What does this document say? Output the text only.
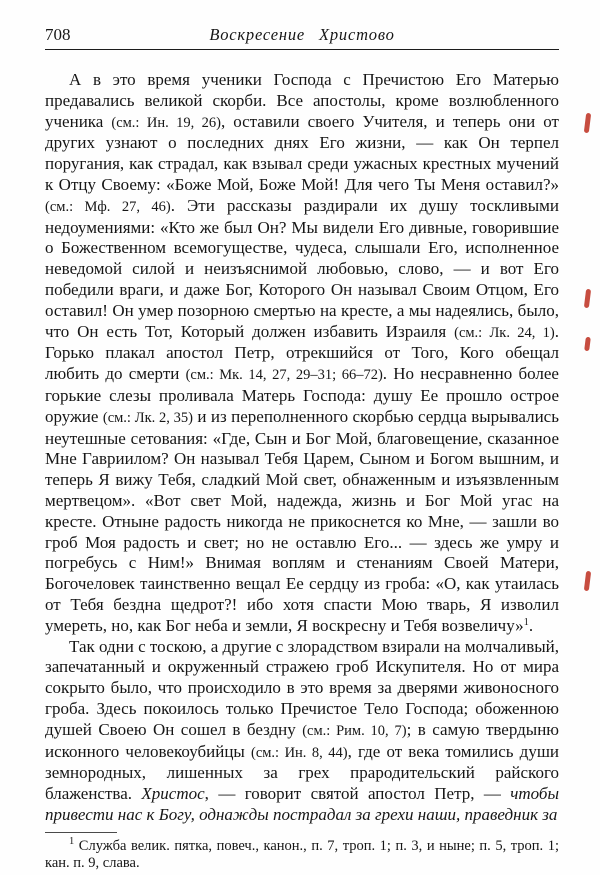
708	Воскресение Христово

А в это время ученики Господа с Пречистою Его Матерью предавались великой скорби. Все апостолы, кроме возлюбленного ученика (см.: Ин. 19, 26), оставили своего Учителя, и теперь они от других узнают о последних днях Его жизни, — как Он терпел поругания, как страдал, как взывал среди ужасных крестных мучений к Отцу Своему: «Боже Мой, Боже Мой! Для чего Ты Меня оставил?» (см.: Мф. 27, 46). Эти рассказы раздирали их душу тоскливыми недоумениями: «Кто же был Он? Мы видели Его дивные, говорившие о Божественном всемогуществе, чудеса, слышали Его, исполненное неведомой силой и неизъяснимой любовью, слово, — и вот Его победили враги, и даже Бог, Которого Он называл Своим Отцом, Его оставил! Он умер позорною смертью на кресте, а мы надеялись, было, что Он есть Тот, Который должен избавить Израиля (см.: Лк. 24, 1). Горько плакал апостол Петр, отрекшийся от Того, Кого обещал любить до смерти (см.: Мк. 14, 27, 29–31; 66–72). Но несравненно более горькие слезы проливала Матерь Господа: душу Ее прошло острое оружие (см.: Лк. 2, 35) и из переполненного скорбью сердца вырывались неутешные сетования: «Где, Сын и Бог Мой, благовещение, сказанное Мне Гавриилом? Он называл Тебя Царем, Сыном и Богом вышним, и теперь Я вижу Тебя, сладкий Мой свет, обнаженным и изъязвленным мертвецом». «Вот свет Мой, надежда, жизнь и Бог Мой угас на кресте. Отныне радость никогда не прикоснется ко Мне, — зашли во гроб Моя радость и свет; но не оставлю Его... — здесь же умру и погребусь с Ним!» Внимая воплям и стенаниям Своей Матери, Богочеловек таинственно вещал Ее сердцу из гроба: «О, как утаилась от Тебя бездна щедрот?! ибо хотя спасти Мою тварь, Я изволил умереть, но, как Бог неба и земли, Я воскресну и Тебя возвеличу»$^1$.

Так одни с тоскою, а другие с злорадством взирали на молчаливый, запечатанный и окруженный стражею гроб Искупителя. Но от мира сокрыто было, что происходило в это время за дверями живоносного гроба. Здесь покоилось только Пречистое Тело Господа; обоженною душей Своею Он сошел в бездну (см.: Рим. 10, 7); в самую твердыню исконного человекоубийцы (см.: Ин. 8, 44), где от века томились души земнородных, лишенных за грех прародительский райского блаженства. Христос, — говорит святой апостол Петр, — чтобы привести нас к Богу, однажды пострадал за грехи наши, праведник за

$^1$ Служба велик. пятка, повеч., канон., п. 7, троп. 1; п. 3, и ныне; п. 5, троп. 1; кан. п. 9, слава.
